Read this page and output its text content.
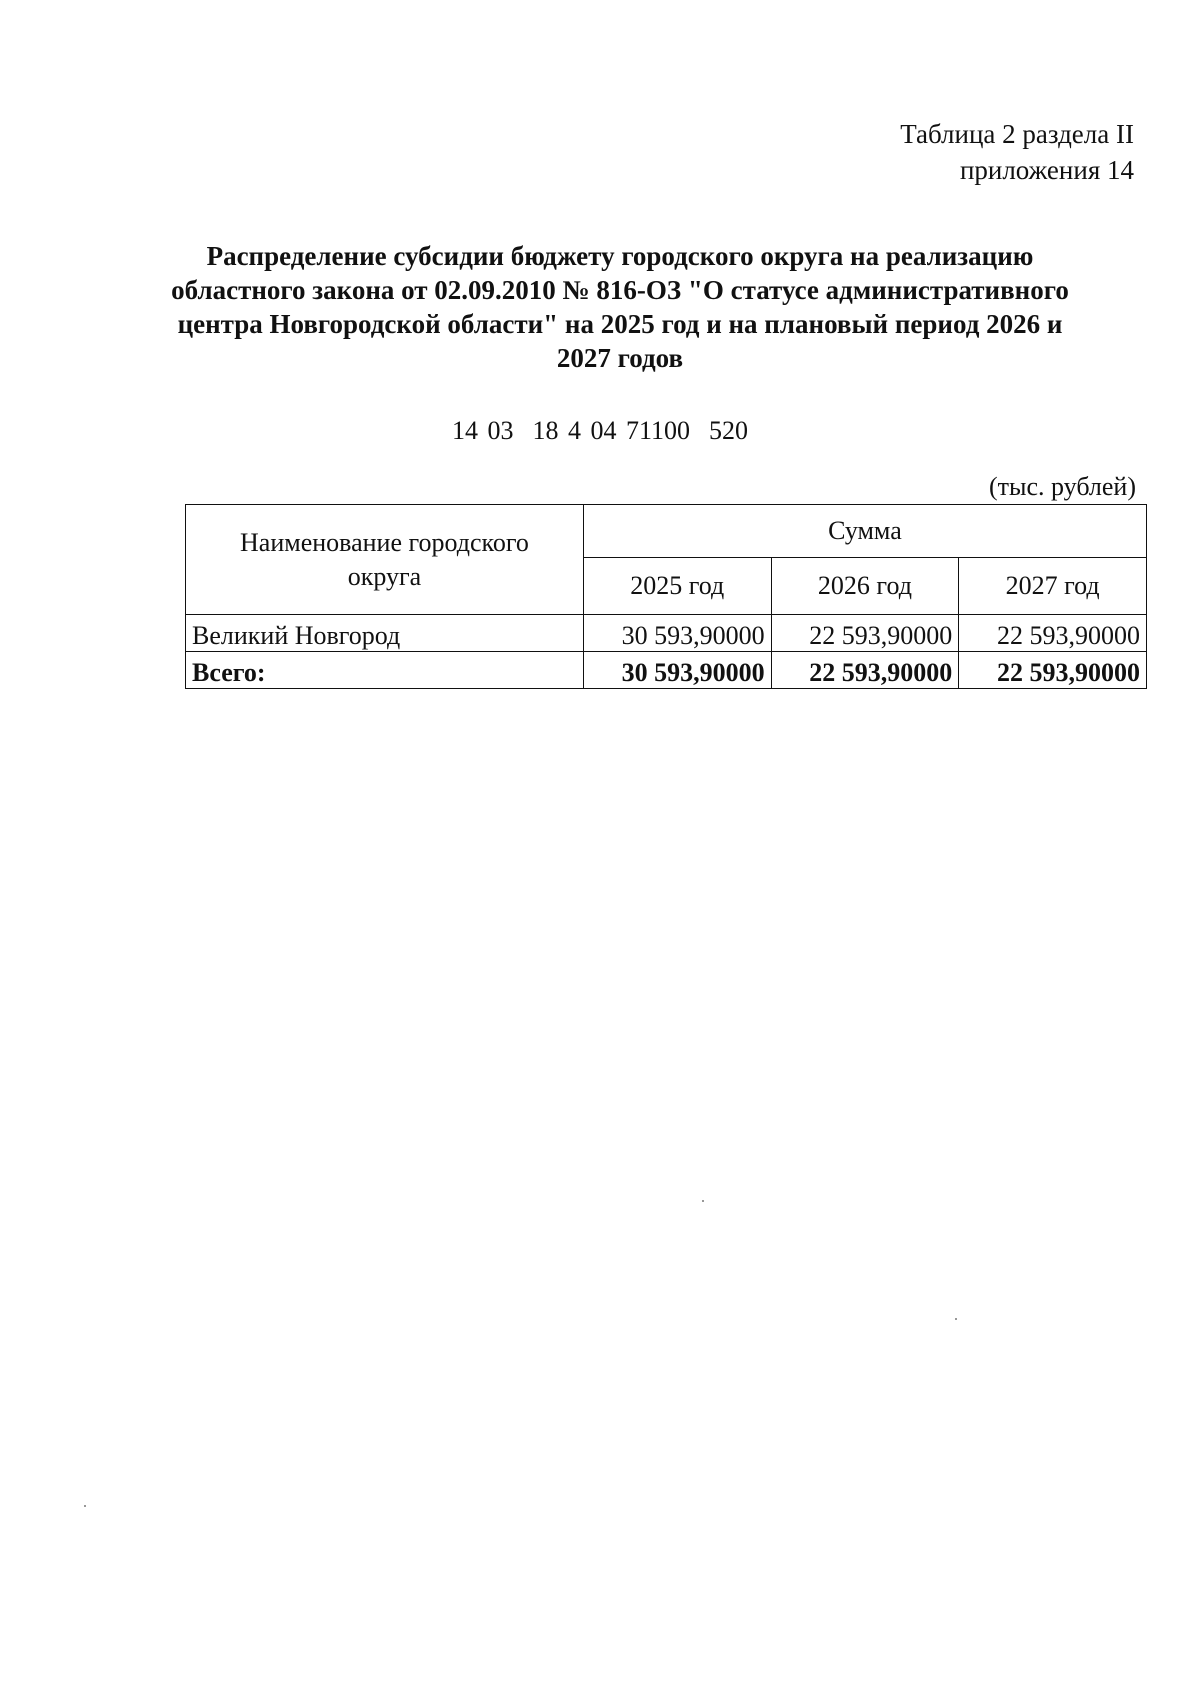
Таблица 2 раздела II
приложения 14
Распределение субсидии бюджету городского округа на реализацию
областного закона от 02.09.2010 № 816-ОЗ "О статусе административного
центра Новгородской области" на 2025 год и на плановый период 2026 и
2027 годов
14 03  18 4 04 71100  520
(тыс. рублей)
Наименование городского
округа	Сумма		
	2025 год	2026 год	2027 год
Великий Новгород	30 593,90000	22 593,90000	22 593,90000
Всего:	30 593,90000	22 593,90000	22 593,90000
